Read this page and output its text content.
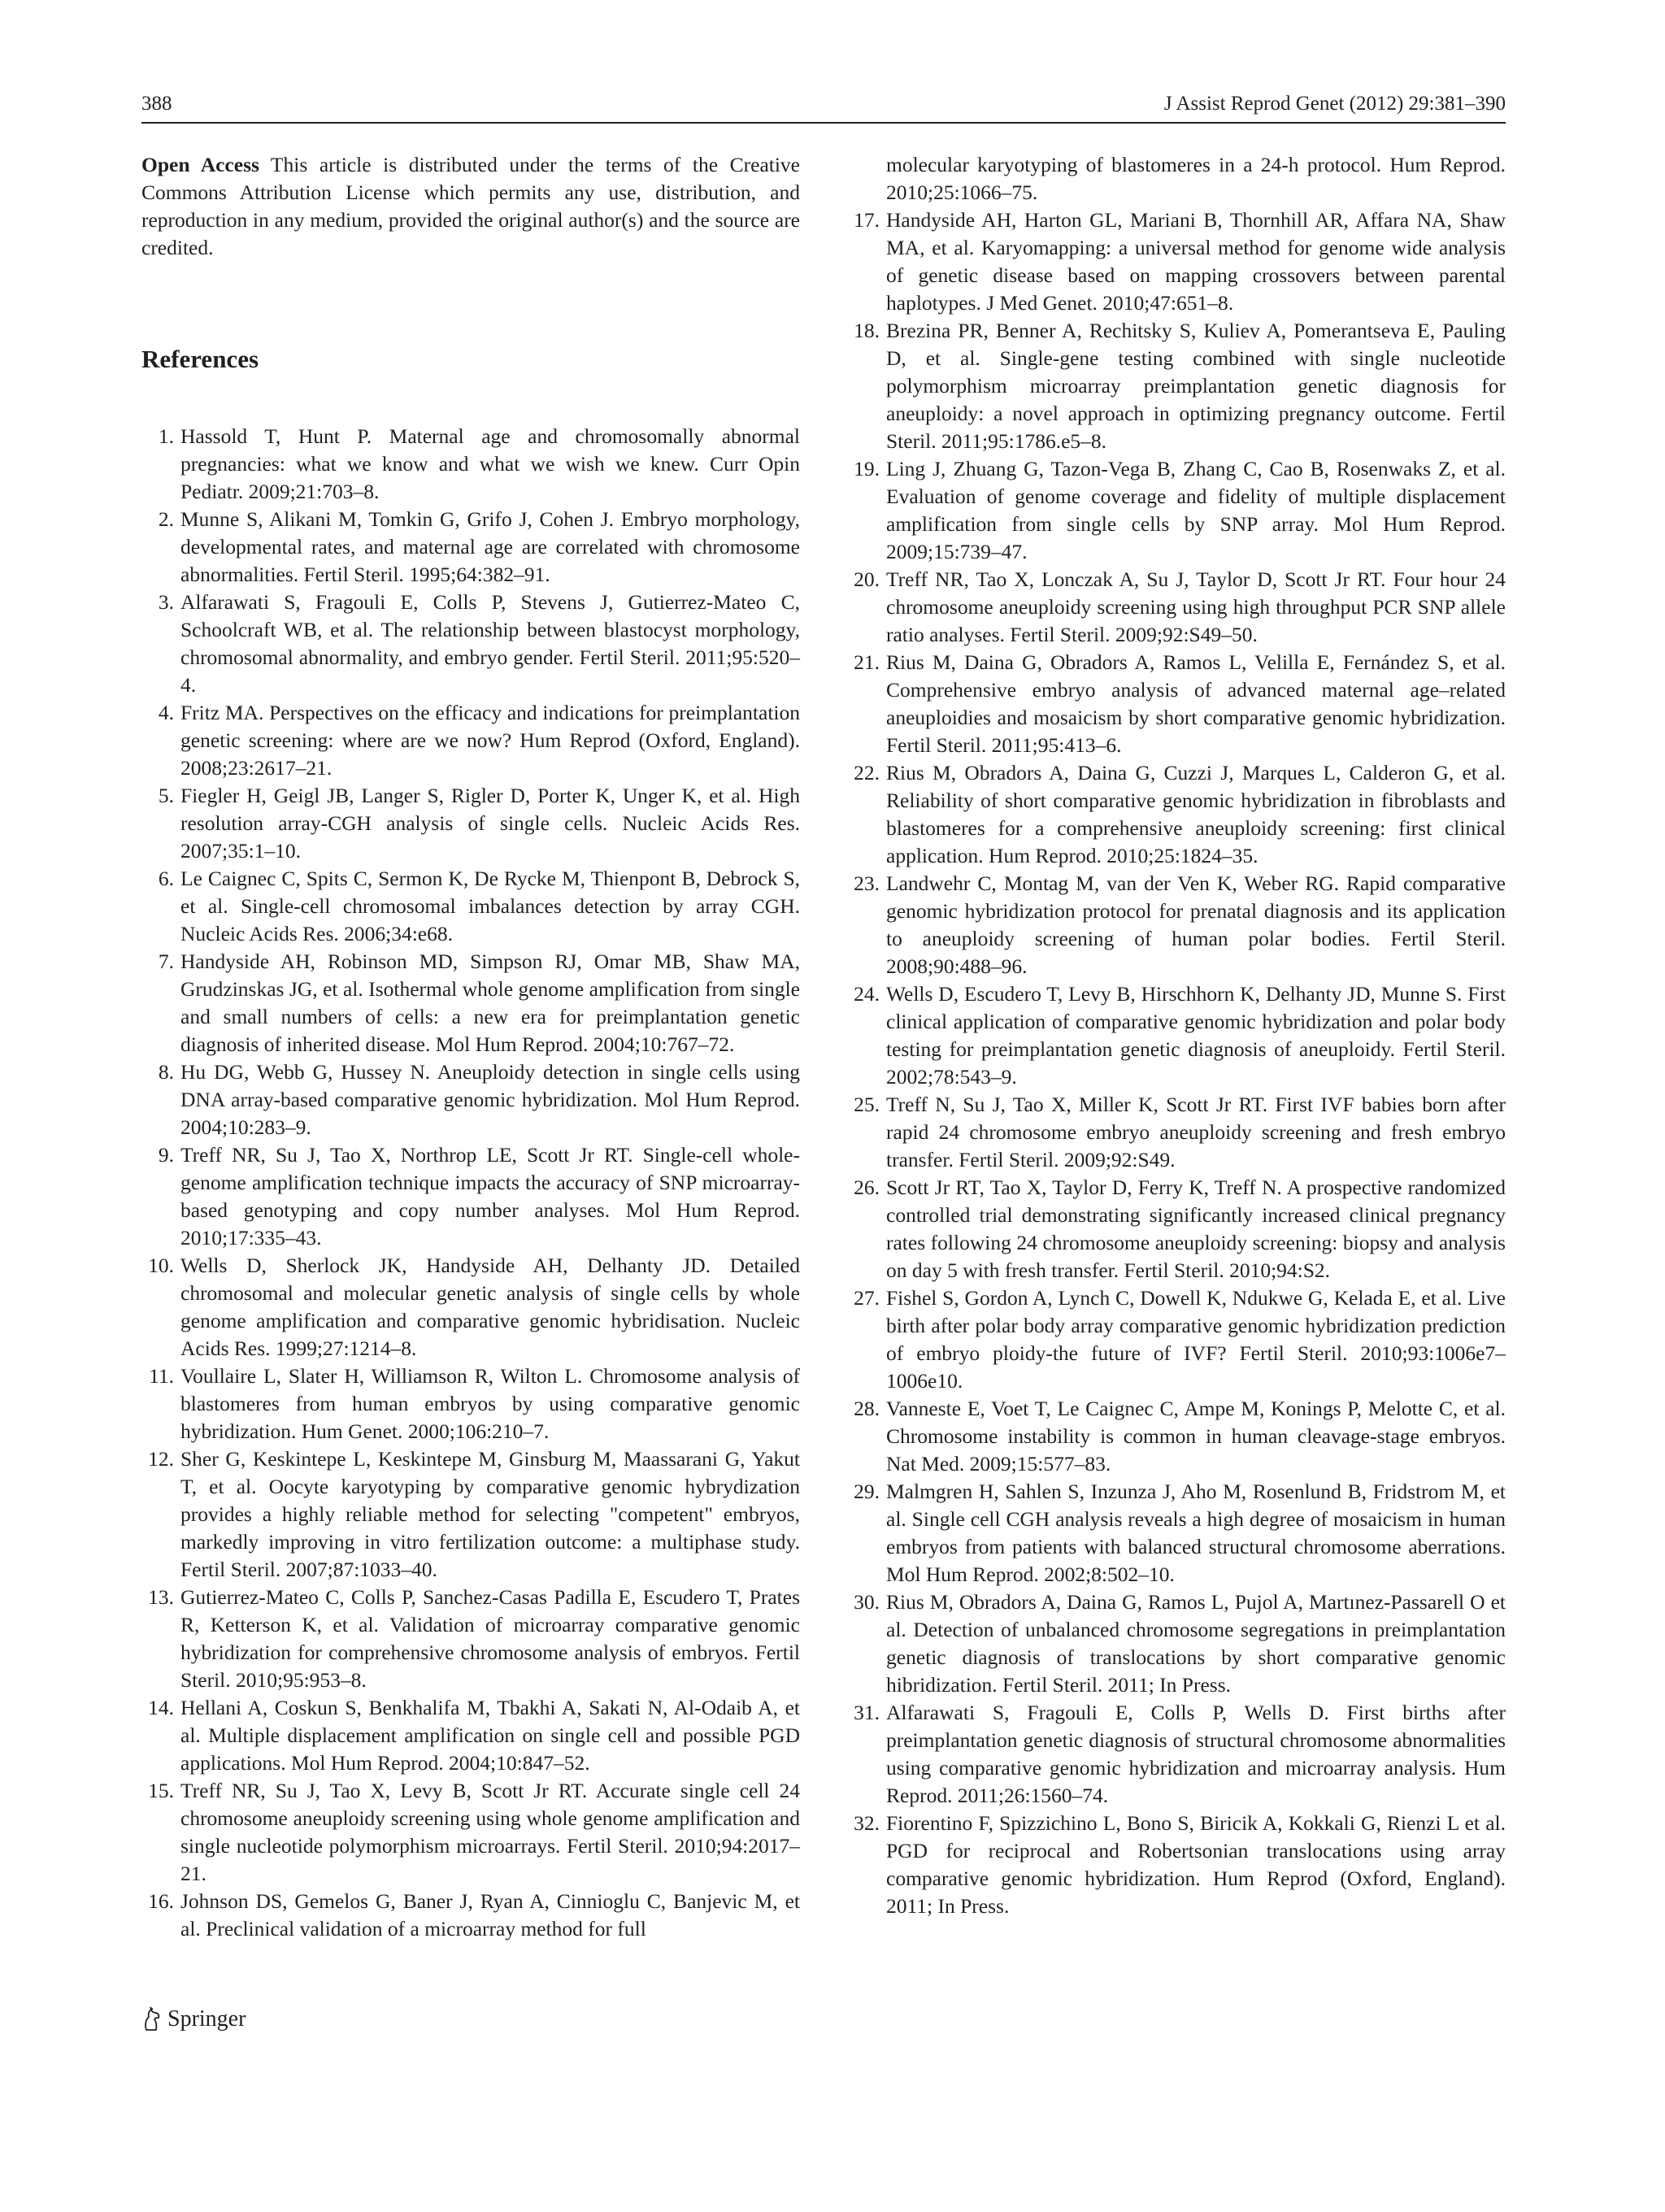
388	J Assist Reprod Genet (2012) 29:381–390

Open Access This article is distributed under the terms of the Creative Commons Attribution License which permits any use, distribution, and reproduction in any medium, provided the original author(s) and the source are credited.

References
1. Hassold T, Hunt P. Maternal age and chromosomally abnormal pregnancies: what we know and what we wish we knew. Curr Opin Pediatr. 2009;21:703–8.
2. Munne S, Alikani M, Tomkin G, Grifo J, Cohen J. Embryo morphology, developmental rates, and maternal age are correlated with chromosome abnormalities. Fertil Steril. 1995;64:382–91.
3. Alfarawati S, Fragouli E, Colls P, Stevens J, Gutierrez-Mateo C, Schoolcraft WB, et al. The relationship between blastocyst morphology, chromosomal abnormality, and embryo gender. Fertil Steril. 2011;95:520–4.
4. Fritz MA. Perspectives on the efficacy and indications for preimplantation genetic screening: where are we now? Hum Reprod (Oxford, England). 2008;23:2617–21.
5. Fiegler H, Geigl JB, Langer S, Rigler D, Porter K, Unger K, et al. High resolution array-CGH analysis of single cells. Nucleic Acids Res. 2007;35:1–10.
6. Le Caignec C, Spits C, Sermon K, De Rycke M, Thienpont B, Debrock S, et al. Single-cell chromosomal imbalances detection by array CGH. Nucleic Acids Res. 2006;34:e68.
7. Handyside AH, Robinson MD, Simpson RJ, Omar MB, Shaw MA, Grudzinskas JG, et al. Isothermal whole genome amplification from single and small numbers of cells: a new era for preimplantation genetic diagnosis of inherited disease. Mol Hum Reprod. 2004;10:767–72.
8. Hu DG, Webb G, Hussey N. Aneuploidy detection in single cells using DNA array-based comparative genomic hybridization. Mol Hum Reprod. 2004;10:283–9.
9. Treff NR, Su J, Tao X, Northrop LE, Scott Jr RT. Single-cell whole-genome amplification technique impacts the accuracy of SNP microarray-based genotyping and copy number analyses. Mol Hum Reprod. 2010;17:335–43.
10. Wells D, Sherlock JK, Handyside AH, Delhanty JD. Detailed chromosomal and molecular genetic analysis of single cells by whole genome amplification and comparative genomic hybridisation. Nucleic Acids Res. 1999;27:1214–8.
11. Voullaire L, Slater H, Williamson R, Wilton L. Chromosome analysis of blastomeres from human embryos by using comparative genomic hybridization. Hum Genet. 2000;106:210–7.
12. Sher G, Keskintepe L, Keskintepe M, Ginsburg M, Maassarani G, Yakut T, et al. Oocyte karyotyping by comparative genomic hybrydization provides a highly reliable method for selecting "competent" embryos, markedly improving in vitro fertilization outcome: a multiphase study. Fertil Steril. 2007;87:1033–40.
13. Gutierrez-Mateo C, Colls P, Sanchez-Casas Padilla E, Escudero T, Prates R, Ketterson K, et al. Validation of microarray comparative genomic hybridization for comprehensive chromosome analysis of embryos. Fertil Steril. 2010;95:953–8.
14. Hellani A, Coskun S, Benkhalifa M, Tbakhi A, Sakati N, Al-Odaib A, et al. Multiple displacement amplification on single cell and possible PGD applications. Mol Hum Reprod. 2004;10:847–52.
15. Treff NR, Su J, Tao X, Levy B, Scott Jr RT. Accurate single cell 24 chromosome aneuploidy screening using whole genome amplification and single nucleotide polymorphism microarrays. Fertil Steril. 2010;94:2017–21.
16. Johnson DS, Gemelos G, Baner J, Ryan A, Cinnioglu C, Banjevic M, et al. Preclinical validation of a microarray method for full
molecular karyotyping of blastomeres in a 24-h protocol. Hum Reprod. 2010;25:1066–75.
17. Handyside AH, Harton GL, Mariani B, Thornhill AR, Affara NA, Shaw MA, et al. Karyomapping: a universal method for genome wide analysis of genetic disease based on mapping crossovers between parental haplotypes. J Med Genet. 2010;47:651–8.
18. Brezina PR, Benner A, Rechitsky S, Kuliev A, Pomerantseva E, Pauling D, et al. Single-gene testing combined with single nucleotide polymorphism microarray preimplantation genetic diagnosis for aneuploidy: a novel approach in optimizing pregnancy outcome. Fertil Steril. 2011;95:1786.e5–8.
19. Ling J, Zhuang G, Tazon-Vega B, Zhang C, Cao B, Rosenwaks Z, et al. Evaluation of genome coverage and fidelity of multiple displacement amplification from single cells by SNP array. Mol Hum Reprod. 2009;15:739–47.
20. Treff NR, Tao X, Lonczak A, Su J, Taylor D, Scott Jr RT. Four hour 24 chromosome aneuploidy screening using high throughput PCR SNP allele ratio analyses. Fertil Steril. 2009;92:S49–50.
21. Rius M, Daina G, Obradors A, Ramos L, Velilla E, Fernández S, et al. Comprehensive embryo analysis of advanced maternal age–related aneuploidies and mosaicism by short comparative genomic hybridization. Fertil Steril. 2011;95:413–6.
22. Rius M, Obradors A, Daina G, Cuzzi J, Marques L, Calderon G, et al. Reliability of short comparative genomic hybridization in fibroblasts and blastomeres for a comprehensive aneuploidy screening: first clinical application. Hum Reprod. 2010;25:1824–35.
23. Landwehr C, Montag M, van der Ven K, Weber RG. Rapid comparative genomic hybridization protocol for prenatal diagnosis and its application to aneuploidy screening of human polar bodies. Fertil Steril. 2008;90:488–96.
24. Wells D, Escudero T, Levy B, Hirschhorn K, Delhanty JD, Munne S. First clinical application of comparative genomic hybridization and polar body testing for preimplantation genetic diagnosis of aneuploidy. Fertil Steril. 2002;78:543–9.
25. Treff N, Su J, Tao X, Miller K, Scott Jr RT. First IVF babies born after rapid 24 chromosome embryo aneuploidy screening and fresh embryo transfer. Fertil Steril. 2009;92:S49.
26. Scott Jr RT, Tao X, Taylor D, Ferry K, Treff N. A prospective randomized controlled trial demonstrating significantly increased clinical pregnancy rates following 24 chromosome aneuploidy screening: biopsy and analysis on day 5 with fresh transfer. Fertil Steril. 2010;94:S2.
27. Fishel S, Gordon A, Lynch C, Dowell K, Ndukwe G, Kelada E, et al. Live birth after polar body array comparative genomic hybridization prediction of embryo ploidy-the future of IVF? Fertil Steril. 2010;93:1006e7–1006e10.
28. Vanneste E, Voet T, Le Caignec C, Ampe M, Konings P, Melotte C, et al. Chromosome instability is common in human cleavage-stage embryos. Nat Med. 2009;15:577–83.
29. Malmgren H, Sahlen S, Inzunza J, Aho M, Rosenlund B, Fridstrom M, et al. Single cell CGH analysis reveals a high degree of mosaicism in human embryos from patients with balanced structural chromosome aberrations. Mol Hum Reprod. 2002;8:502–10.
30. Rius M, Obradors A, Daina G, Ramos L, Pujol A, Martınez-Passarell O et al. Detection of unbalanced chromosome segregations in preimplantation genetic diagnosis of translocations by short comparative genomic hibridization. Fertil Steril. 2011; In Press.
31. Alfarawati S, Fragouli E, Colls P, Wells D. First births after preimplantation genetic diagnosis of structural chromosome abnormalities using comparative genomic hybridization and microarray analysis. Hum Reprod. 2011;26:1560–74.
32. Fiorentino F, Spizzichino L, Bono S, Biricik A, Kokkali G, Rienzi L et al. PGD for reciprocal and Robertsonian translocations using array comparative genomic hybridization. Hum Reprod (Oxford, England). 2011; In Press.
Springer
